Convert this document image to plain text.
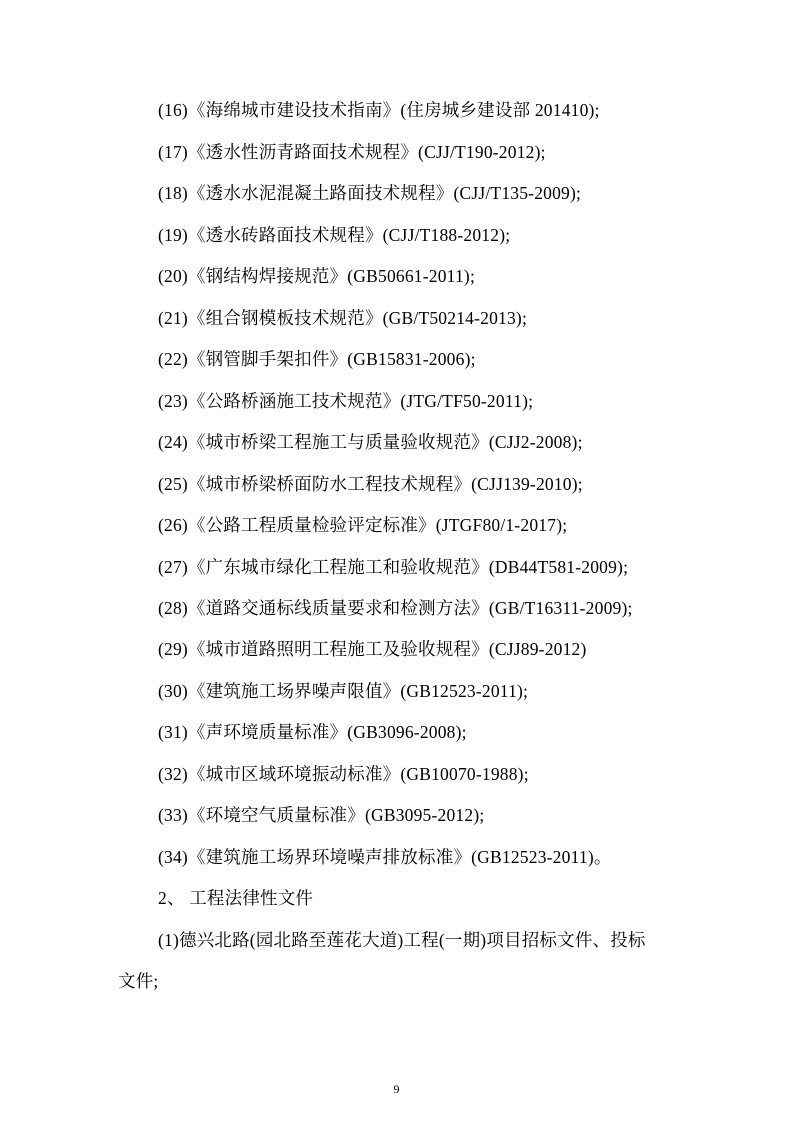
(16)《海绵城市建设技术指南》(住房城乡建设部 201410);
(17)《透水性沥青路面技术规程》(CJJ/T190-2012);
(18)《透水水泥混凝土路面技术规程》(CJJ/T135-2009);
(19)《透水砖路面技术规程》(CJJ/T188-2012);
(20)《钢结构焊接规范》(GB50661-2011);
(21)《组合钢模板技术规范》(GB/T50214-2013);
(22)《钢管脚手架扣件》(GB15831-2006);
(23)《公路桥涵施工技术规范》(JTG/TF50-2011);
(24)《城市桥梁工程施工与质量验收规范》(CJJ2-2008);
(25)《城市桥梁桥面防水工程技术规程》(CJJ139-2010);
(26)《公路工程质量检验评定标准》(JTGF80/1-2017);
(27)《广东城市绿化工程施工和验收规范》(DB44T581-2009);
(28)《道路交通标线质量要求和检测方法》(GB/T16311-2009);
(29)《城市道路照明工程施工及验收规程》(CJJ89-2012)
(30)《建筑施工场界噪声限值》(GB12523-2011);
(31)《声环境质量标准》(GB3096-2008);
(32)《城市区域环境振动标准》(GB10070-1988);
(33)《环境空气质量标准》(GB3095-2012);
(34)《建筑施工场界环境噪声排放标准》(GB12523-2011)。
2、 工程法律性文件
(1)德兴北路(园北路至莲花大道)工程(一期)项目招标文件、投标
文件;
9
